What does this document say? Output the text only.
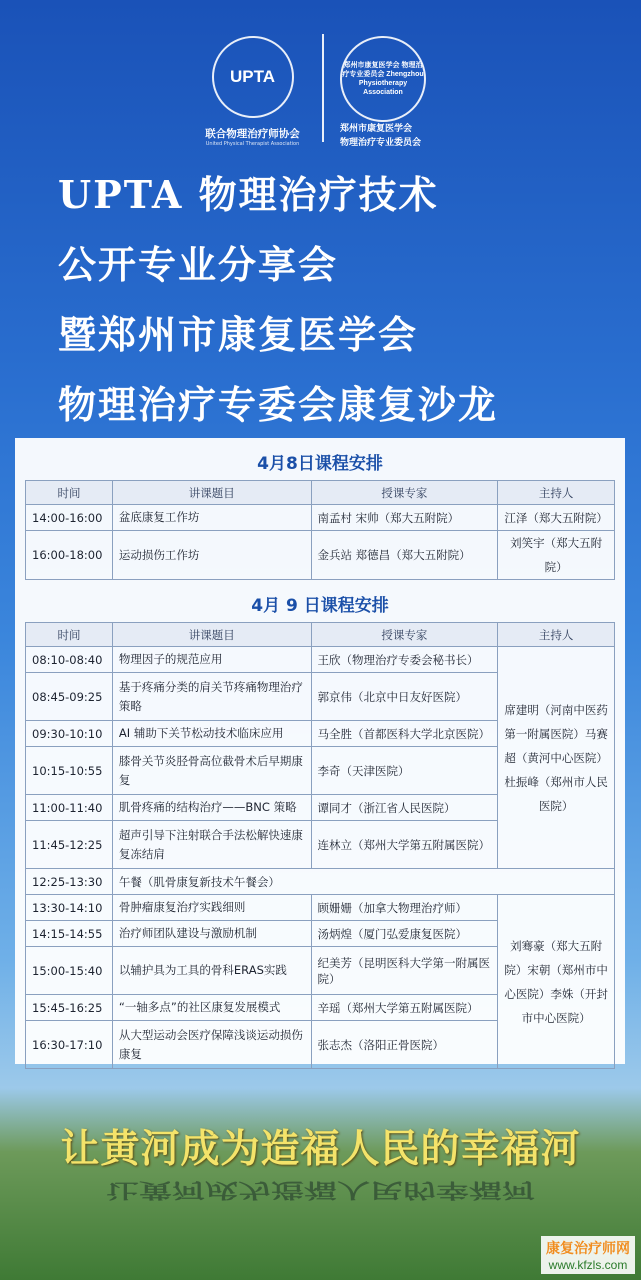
UPTA
联合物理治疗师协会
United Physical Therapist Association
郑州市康复医学会 物理治疗专业委员会 Zhengzhou Physiotherapy Association
郑州市康复医学会
物理治疗专业委员会
UPTA 物理治疗技术
公开专业分享会
暨郑州市康复医学会
物理治疗专委会康复沙龙
4月8日课程安排
时间	讲课题目	授课专家	主持人
14:00-16:00	盆底康复工作坊	南孟村 宋帅（郑大五附院）	江泽（郑大五附院）
16:00-18:00	运动损伤工作坊	金兵站 郑德昌（郑大五附院）	刘笑宇（郑大五附院）
4月 9 日课程安排
时间	讲课题目	授课专家	主持人
08:10-08:40	物理因子的规范应用	王欣（物理治疗专委会秘书长）	席建明（河南中医药第一附属医院）马赛超（黄河中心医院）杜振峰（郑州市人民医院）
08:45-09:25	基于疼痛分类的肩关节疼痛物理治疗策略	郭京伟（北京中日友好医院）	
09:30-10:10	AI 辅助下关节松动技术临床应用	马全胜（首都医科大学北京医院）	
10:15-10:55	膝骨关节炎胫骨高位截骨术后早期康复	李奇（天津医院）	
11:00-11:40	肌骨疼痛的结构治疗——BNC 策略	谭同才（浙江省人民医院）	
11:45-12:25	超声引导下注射联合手法松解快速康复冻结肩	连林立（郑州大学第五附属医院）	
12:25-13:30	午餐（肌骨康复新技术午餐会）		
13:30-14:10	骨肿瘤康复治疗实践细则	顾姗姗（加拿大物理治疗师）	刘骞豪（郑大五附院）宋朝（郑州市中心医院）李姝（开封市中心医院）
14:15-14:55	治疗师团队建设与激励机制	汤炳煌（厦门弘爱康复医院）	
15:00-15:40	以辅护具为工具的骨科ERAS实践	纪美芳（昆明医科大学第一附属医院）	
15:45-16:25	“一轴多点”的社区康复发展模式	辛瑶（郑州大学第五附属医院）	
16:30-17:10	从大型运动会医疗保障浅谈运动损伤康复	张志杰（洛阳正骨医院）	
让黄河成为造福人民的幸福河
让黄河成为造福人民的幸福河
康复治疗师网
www.kfzls.com
